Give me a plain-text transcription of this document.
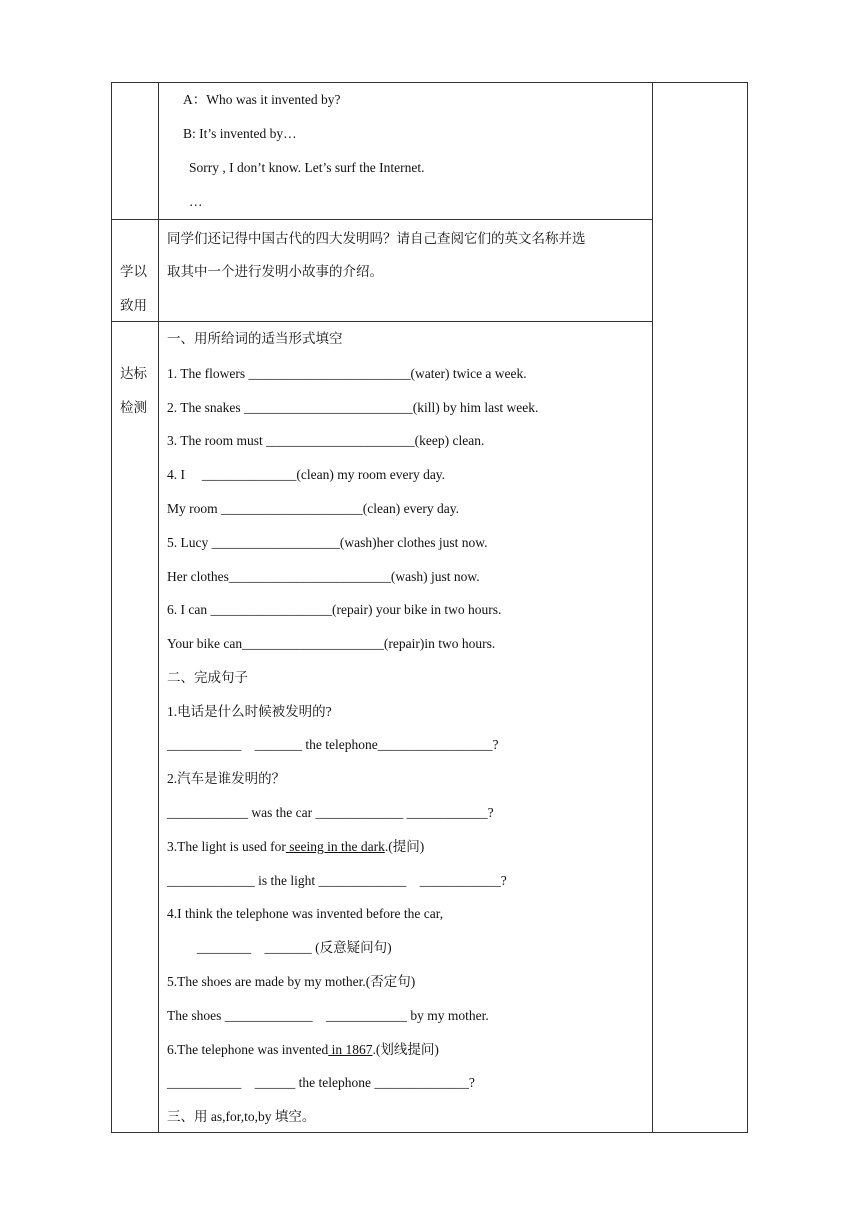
A：Who was it invented by?
B: It’s invented by…
Sorry , I don’t know. Let’s surf the Internet.
…
学以
致用
同学们还记得中国古代的四大发明吗？请自己查阅它们的英文名称并选
取其中一个进行发明小故事的介绍。
达标
检测
一、用所给词的适当形式填空
1. The flowers ________________________(water) twice a week.
2. The snakes _________________________(kill) by him last week.
3. The room must ______________________(keep) clean.
4. I     ______________(clean) my room every day.
My room _____________________(clean) every day.
5. Lucy ___________________(wash)her clothes just now.
Her clothes________________________(wash) just now.
6. I can __________________(repair) your bike in two hours.
Your bike can_____________________(repair)in two hours.
二、完成句子
1.电话是什么时候被发明的?
___________    _______ the telephone_________________?
2.汽车是谁发明的？
____________ was the car _____________ ____________?
3.The light is used for seeing in the dark.(提问)
_____________ is the light _____________    ____________?
4.I think the telephone was invented before the car,
________    _______ (反意疑问句)
5.The shoes are made by my mother.(否定句)
The shoes _____________    ____________ by my mother.
6.The telephone was invented in 1867.(划线提问)
___________    ______ the telephone ______________?
三、用 as,for,to,by 填空。
